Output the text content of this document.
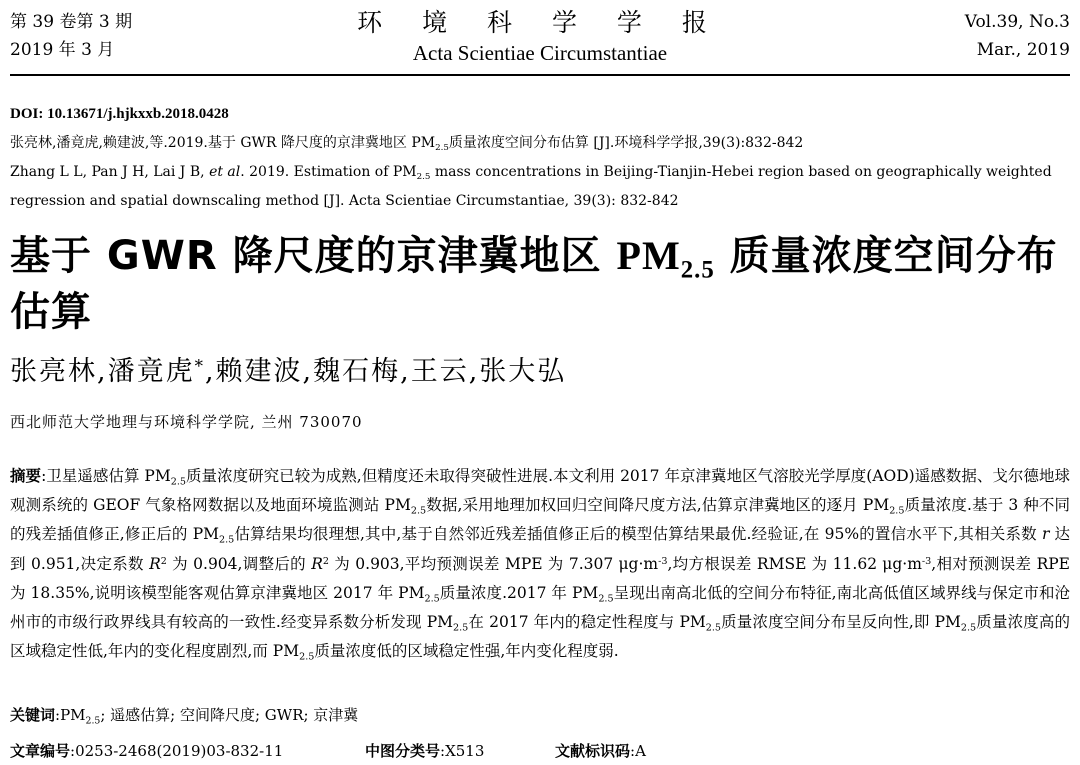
第 39 卷第 3 期
2019 年 3 月
环 境 科 学 学 报
Acta Scientiae Circumstantiae
Vol.39, No.3
Mar., 2019
DOI: 10.13671/j.hjkxxb.2018.0428
张亮林,潘竟虎,赖建波,等.2019.基于 GWR 降尺度的京津冀地区 $PM_{2.5}$质量浓度空间分布估算 [J].环境科学学报,39(3):832-842
Zhang L L, Pan J H, Lai J B, et al. 2019. Estimation of $PM_{2.5}$ mass concentrations in Beijing-Tianjin-Hebei region based on geographically weighted regression and spatial downscaling method [J]. Acta Scientiae Circumstantiae, 39(3): 832-842
基于 GWR 降尺度的京津冀地区 $PM_{2.5}$ 质量浓度空间分布估算
张亮林,潘竟虎*,赖建波,魏石梅,王云,张大弘
西北师范大学地理与环境科学学院, 兰州 730070
摘要:卫星遥感估算 $PM_{2.5}$质量浓度研究已较为成熟,但精度还未取得突破性进展.本文利用 2017 年京津冀地区气溶胶光学厚度(AOD)遥感数据、戈尔德地球观测系统的 GEOF 气象格网数据以及地面环境监测站 $PM_{2.5}$数据,采用地理加权回归空间降尺度方法,估算京津冀地区的逐月 $PM_{2.5}$质量浓度.基于 3 种不同的残差插值修正,修正后的 $PM_{2.5}$估算结果均很理想,其中,基于自然邻近残差插值修正后的模型估算结果最优.经验证,在 95%的置信水平下,其相关系数 r 达到 0.951,决定系数 $R^2$ 为 0.904,调整后的 $R^2$ 为 0.903,平均预测误差 MPE 为 7.307 $\mu g\cdot m^{-3}$,均方根误差 RMSE 为 11.62 $\mu g\cdot m^{-3}$,相对预测误差 RPE 为 18.35%,说明该模型能客观估算京津冀地区 2017 年 $PM_{2.5}$质量浓度.2017 年 $PM_{2.5}$呈现出南高北低的空间分布特征,南北高低值区域界线与保定市和沧州市的市级行政界线具有较高的一致性.经变异系数分析发现 $PM_{2.5}$在 2017 年内的稳定性程度与 $PM_{2.5}$质量浓度空间分布呈反向性,即 $PM_{2.5}$质量浓度高的区域稳定性低,年内的变化程度剧烈,而 $PM_{2.5}$质量浓度低的区域稳定性强,年内变化程度弱.
关键词$:PM_{2.5}$; 遥感估算; 空间降尺度; GWR; 京津冀
文章编号:0253-2468(2019)03-832-11	中图分类号:X513	文献标识码:A
